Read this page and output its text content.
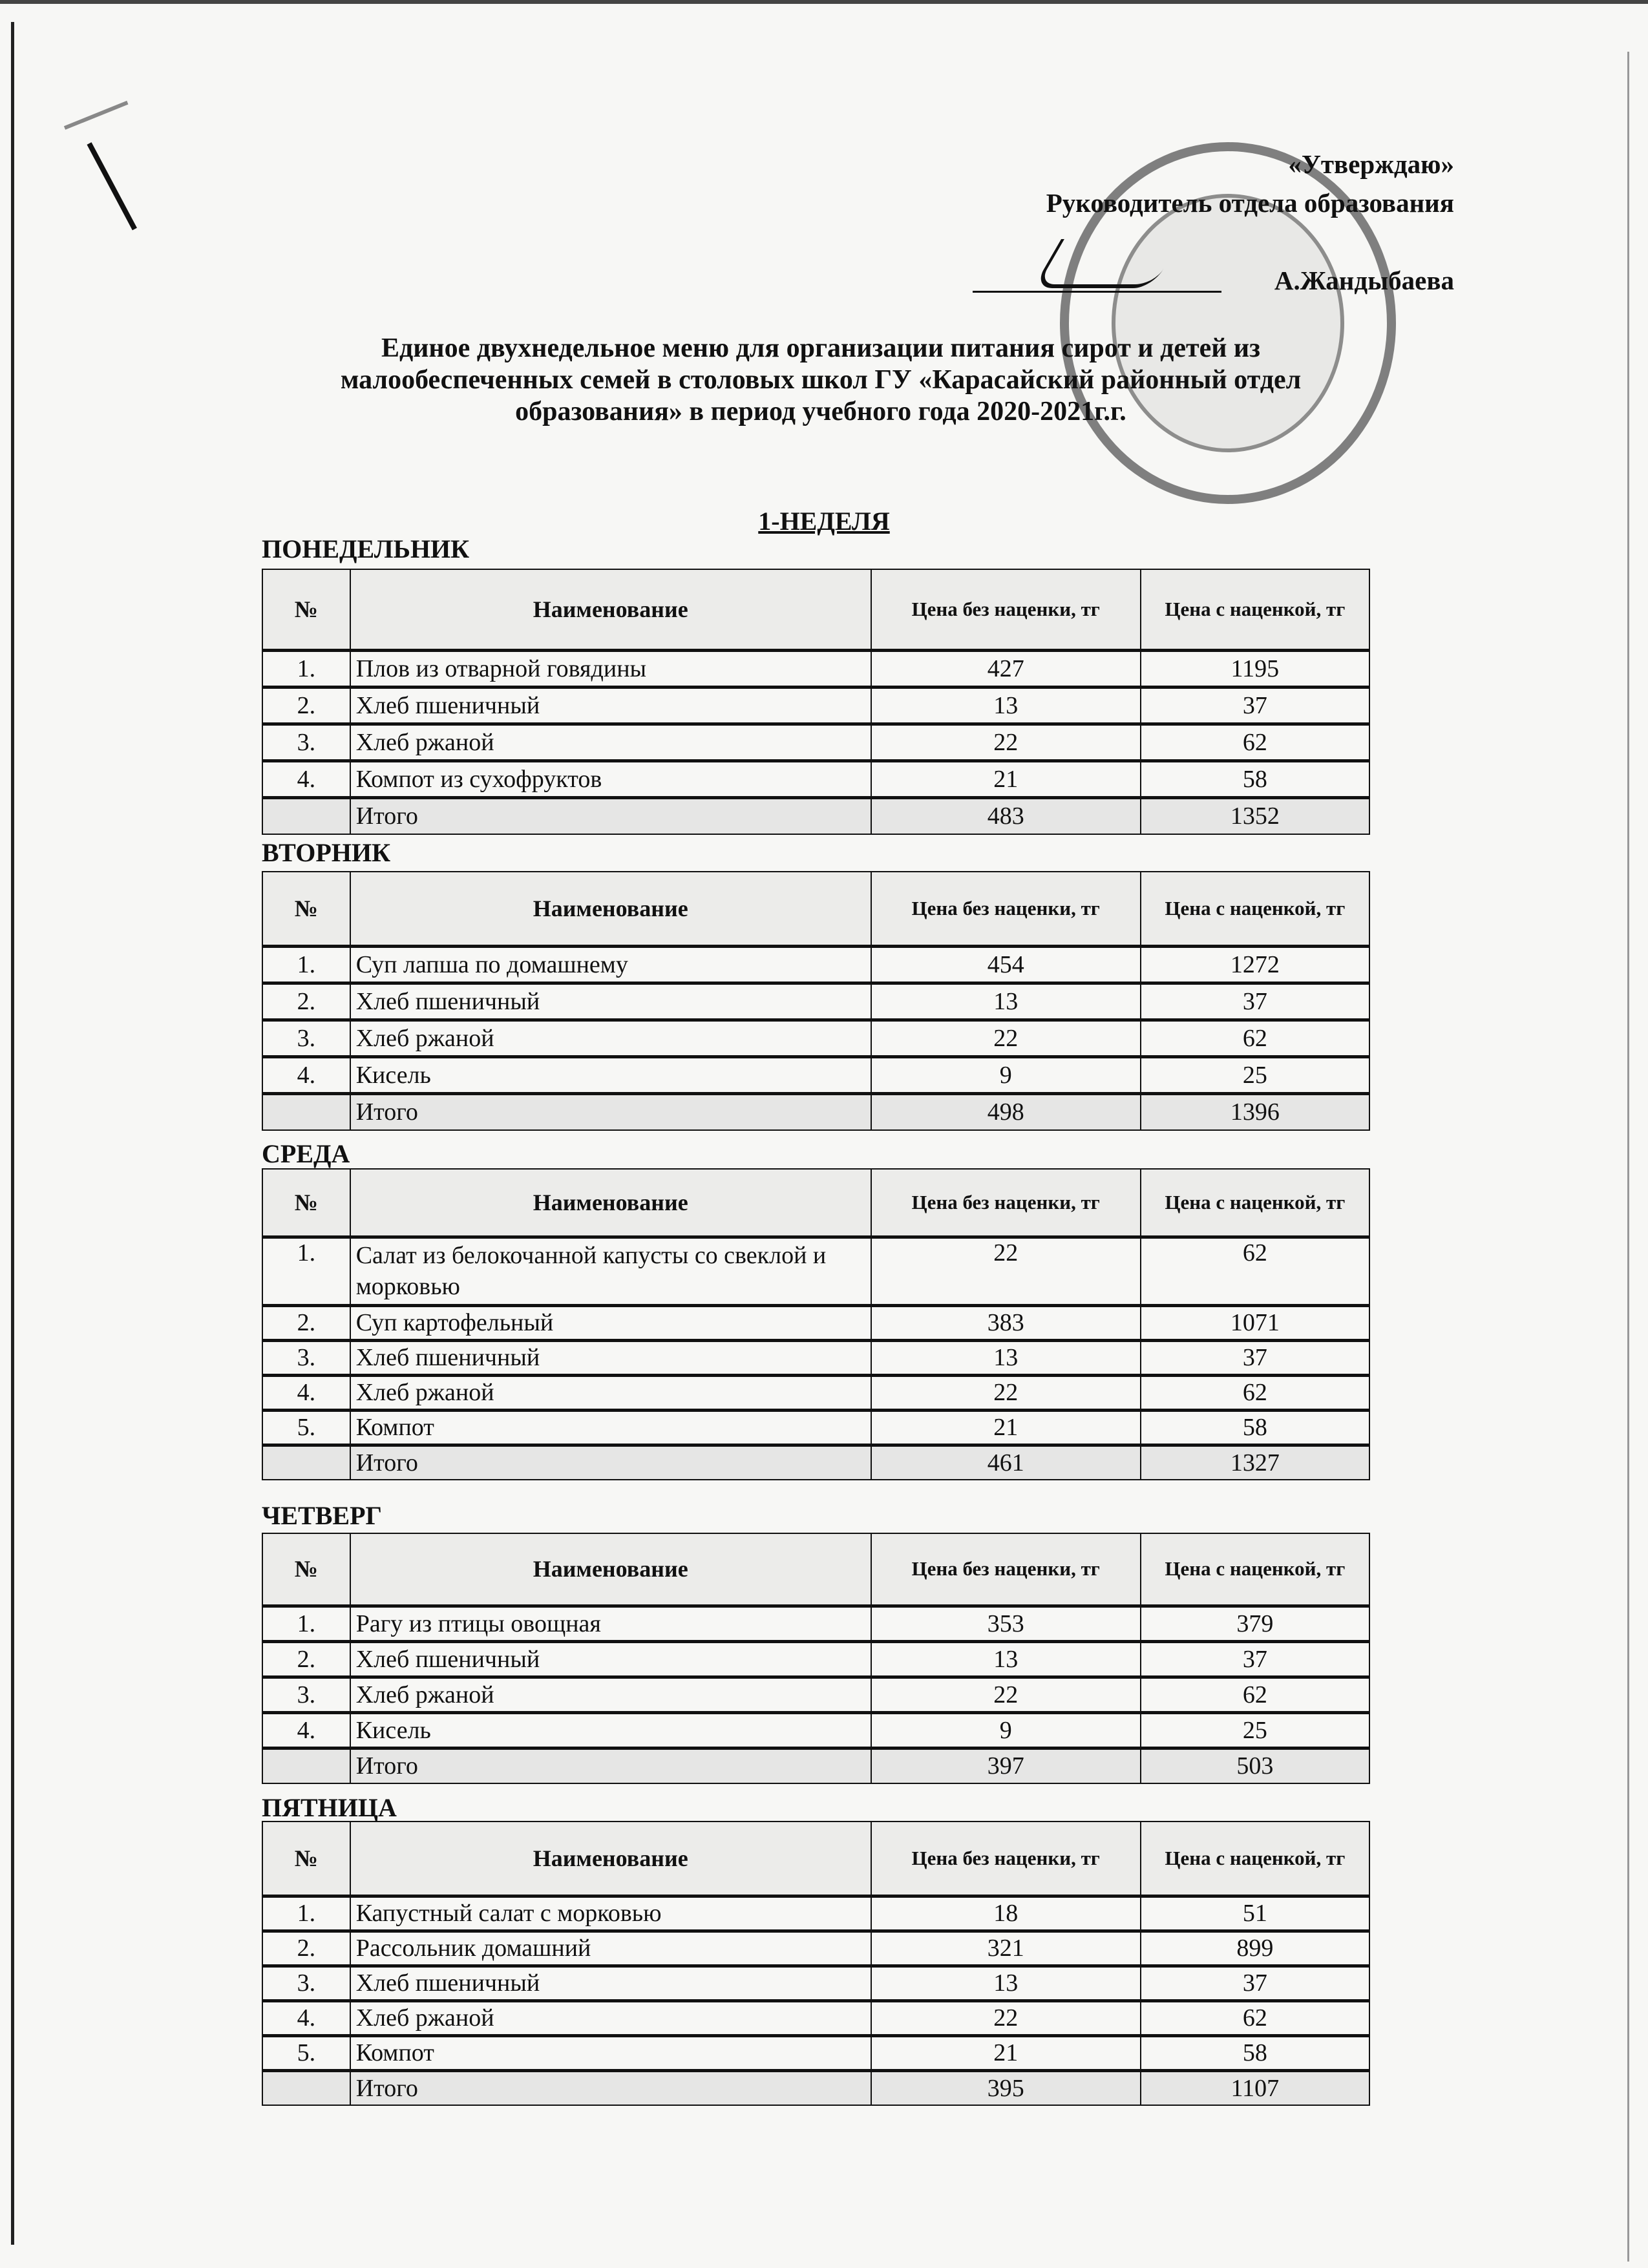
«Утверждаю»
Руководитель отдела образования
А.Жандыбаева
Единое двухнедельное меню для организации питания сирот и детей из
малообеспеченных семей в столовых школ ГУ «Карасайский районный отдел
образования» в период учебного года 2020-2021г.г.
1-НЕДЕЛЯ
ПОНЕДЕЛЬНИК
№	Наименование	Цена без наценки, тг	Цена с наценкой, тг
1.	Плов из отварной говядины	427	1195
2.	Хлеб пшеничный	13	37
3.	Хлеб ржаной	22	62
4.	Компот из сухофруктов	21	58
	Итого	483	1352
ВТОРНИК
№	Наименование	Цена без наценки, тг	Цена с наценкой, тг
1.	Суп лапша по домашнему	454	1272
2.	Хлеб пшеничный	13	37
3.	Хлеб ржаной	22	62
4.	Кисель	9	25
	Итого	498	1396
СРЕДА
№	Наименование	Цена без наценки, тг	Цена с наценкой, тг
1.	Салат из белокочанной капусты со свеклой и морковью	22	62
2.	Суп картофельный	383	1071
3.	Хлеб пшеничный	13	37
4.	Хлеб ржаной	22	62
5.	Компот	21	58
	Итого	461	1327
ЧЕТВЕРГ
№	Наименование	Цена без наценки, тг	Цена с наценкой, тг
1.	Рагу из птицы овощная	353	379
2.	Хлеб пшеничный	13	37
3.	Хлеб ржаной	22	62
4.	Кисель	9	25
	Итого	397	503
ПЯТНИЦА
№	Наименование	Цена без наценки, тг	Цена с наценкой, тг
1.	Капустный салат с морковью	18	51
2.	Рассольник домашний	321	899
3.	Хлеб пшеничный	13	37
4.	Хлеб ржаной	22	62
5.	Компот	21	58
	Итого	395	1107
